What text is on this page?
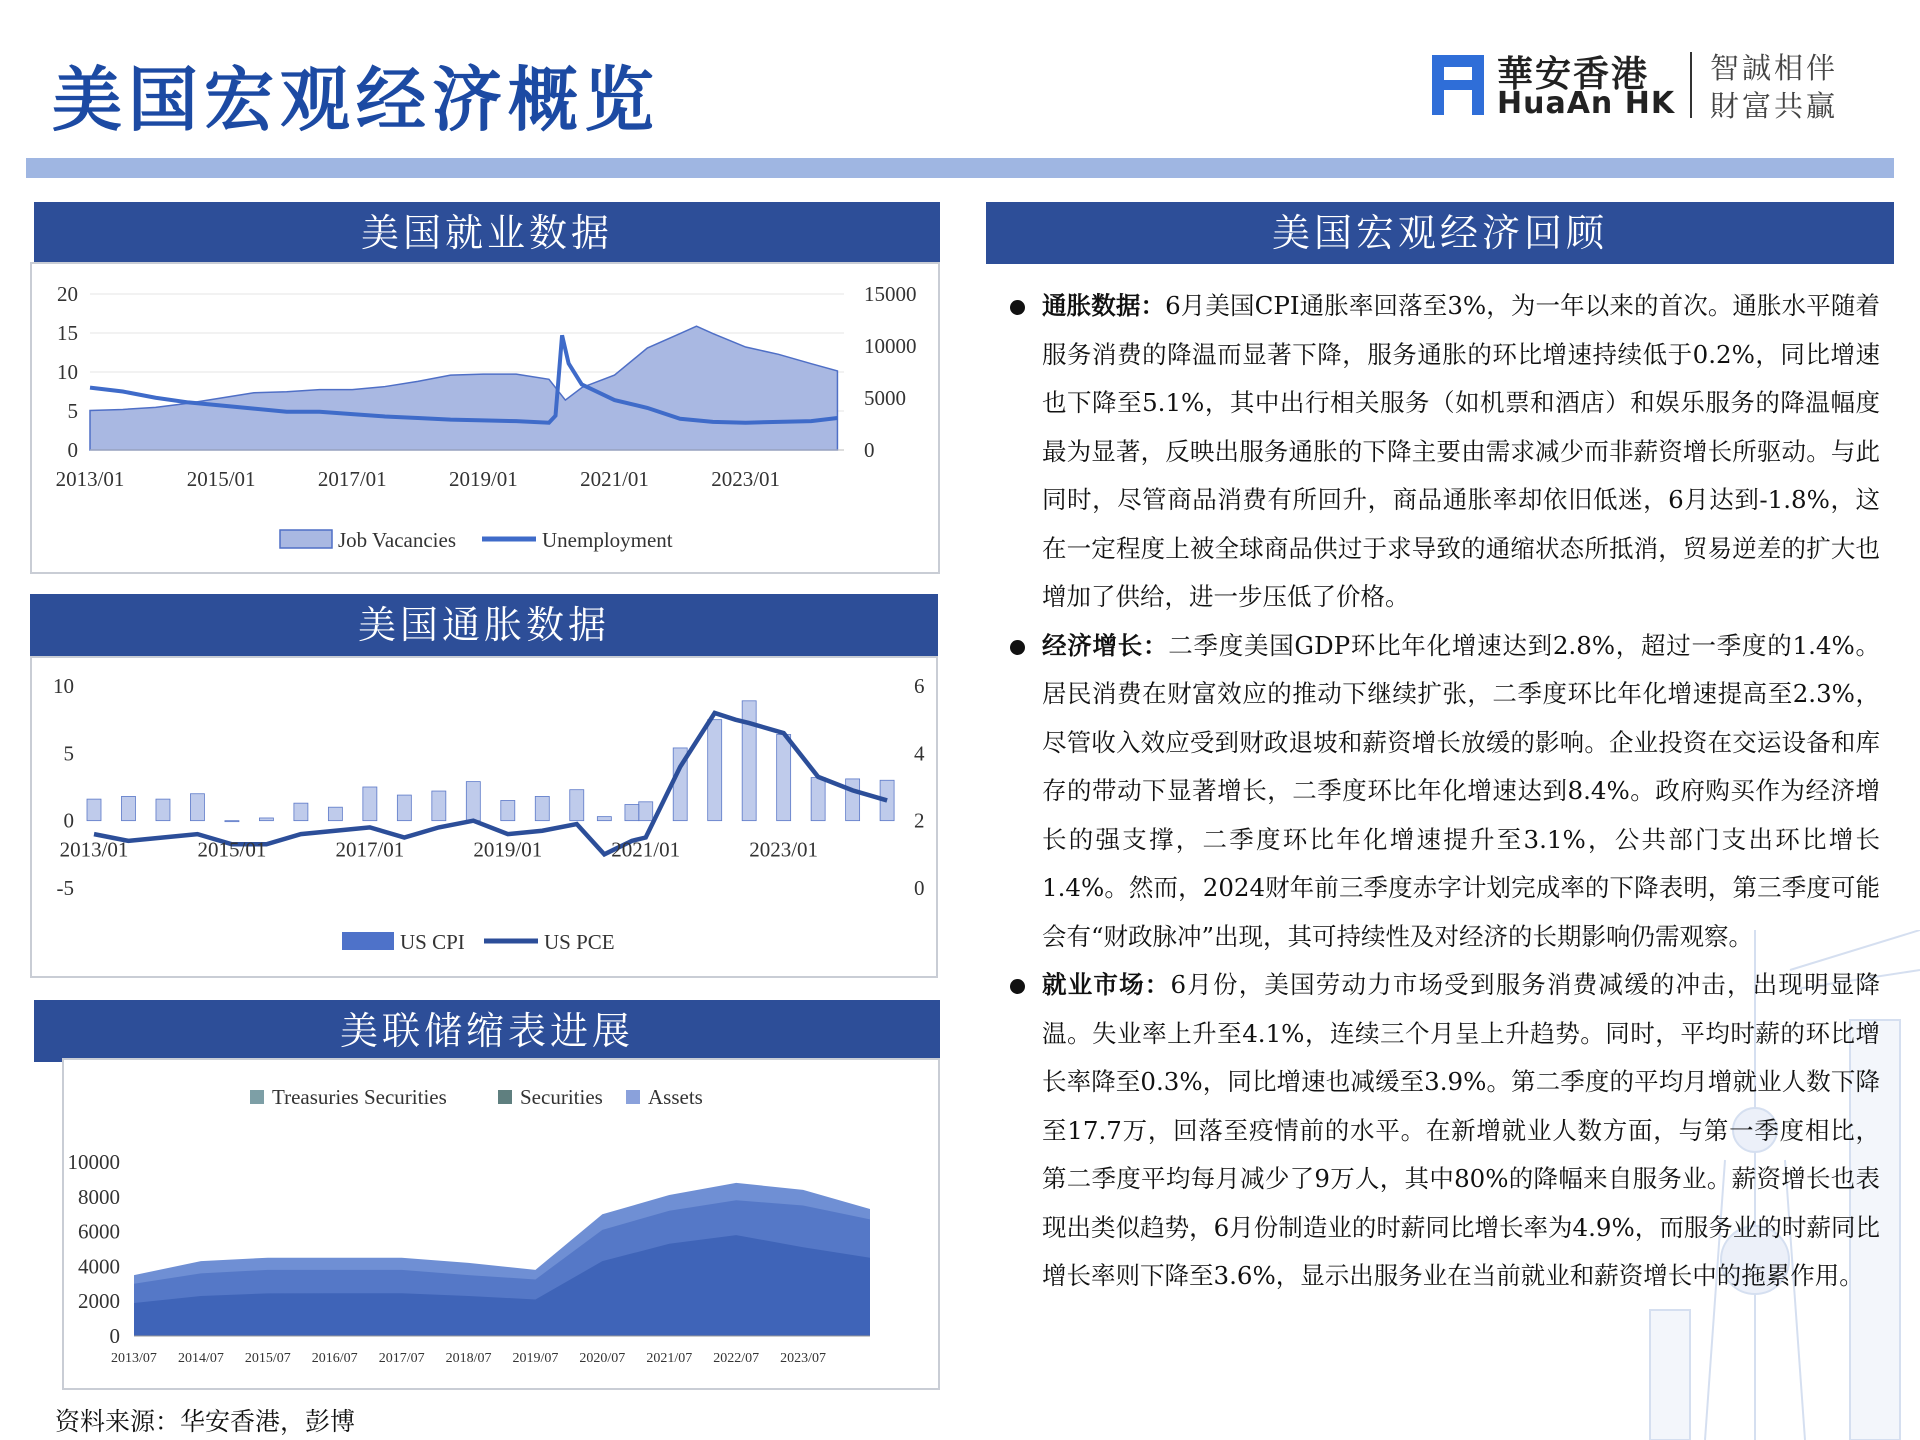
美国宏观经济概览	華安香港
HuaAn HK
智誠相伴
財富共贏
美国就业数据
0
5
10
15
20
0
5000
10000
15000
2013/01	2015/01	2017/01	2019/01	2021/01	2023/01
Job Vacancies	Unemployment
美国通胀数据
-5
0
5
10
0
2
4
6
2013/01	2015/01	2017/01	2019/01	2021/01	2023/01
US CPI	US PCE
美联储缩表进展
0
2000
4000
6000
8000
10000
2013/07 2014/07 2015/07 2016/07 2017/07 2018/07 2019/07 2020/07 2021/07 2022/07 2023/07
Treasuries Securities	Securities Assets
资料来源：华安香港，彭博
美国宏观经济回顾
通胀数据：6月美国CPI通胀率回落至3%，为一年以来的首次。通胀水平随着服务消费的降温而显著下降，服务通胀的环比增速持续低于0.2%，同比增速也下降至5.1%，其中出行相关服务（如机票和酒店）和娱乐服务的降温幅度最为显著，反映出服务通胀的下降主要由需求减少而非薪资增长所驱动。与此同时，尽管商品消费有所回升，商品通胀率却依旧低迷，6月达到-1.8%，这在一定程度上被全球商品供过于求导致的通缩状态所抵消，贸易逆差的扩大也增加了供给，进一步压低了价格。
经济增长：二季度美国GDP环比年化增速达到2.8%，超过一季度的1.4%。居民消费在财富效应的推动下继续扩张，二季度环比年化增速提高至2.3%，尽管收入效应受到财政退坡和薪资增长放缓的影响。企业投资在交运设备和库存的带动下显著增长，二季度环比年化增速达到8.4%。政府购买作为经济增长的强支撑，二季度环比年化增速提升至3.1%，公共部门支出环比增长1.4%。然而，2024财年前三季度赤字计划完成率的下降表明，第三季度可能会有“财政脉冲”出现，其可持续性及对经济的长期影响仍需观察。
就业市场：6月份，美国劳动力市场受到服务消费减缓的冲击，出现明显降温。失业率上升至4.1%，连续三个月呈上升趋势。同时，平均时薪的环比增长率降至0.3%，同比增速也减缓至3.9%。第二季度的平均月增就业人数下降至17.7万，回落至疫情前的水平。在新增就业人数方面，与第一季度相比，第二季度平均每月减少了9万人，其中80%的降幅来自服务业。薪资增长也表现出类似趋势，6月份制造业的时薪同比增长率为4.9%，而服务业的时薪同比增长率则下降至3.6%，显示出服务业在当前就业和薪资增长中的拖累作用。
